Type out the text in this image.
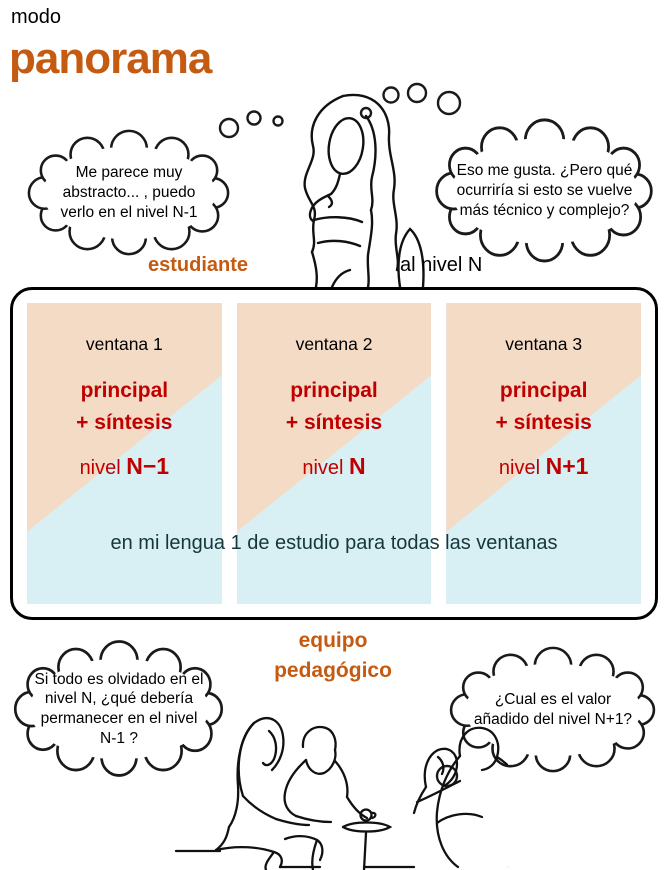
modo
panorama
Me parece muy abstracto... , puedo verlo en el nivel N-1
Eso me gusta. ¿Pero qué ocurriría si esto se vuelve más técnico y complejo?
estudiante	al nivel N
ventana 1
principal
+ síntesis
nivel N−1
ventana 2
principal
+ síntesis
nivel N
ventana 3
principal
+ síntesis
nivel N+1
en mi lengua 1 de estudio para todas las ventanas
equipo
pedagógico
Si todo es olvidado en el nivel N, ¿qué debería permanecer en el nivel N-1 ?
¿Cual es el valor añadido del nivel N+1?
